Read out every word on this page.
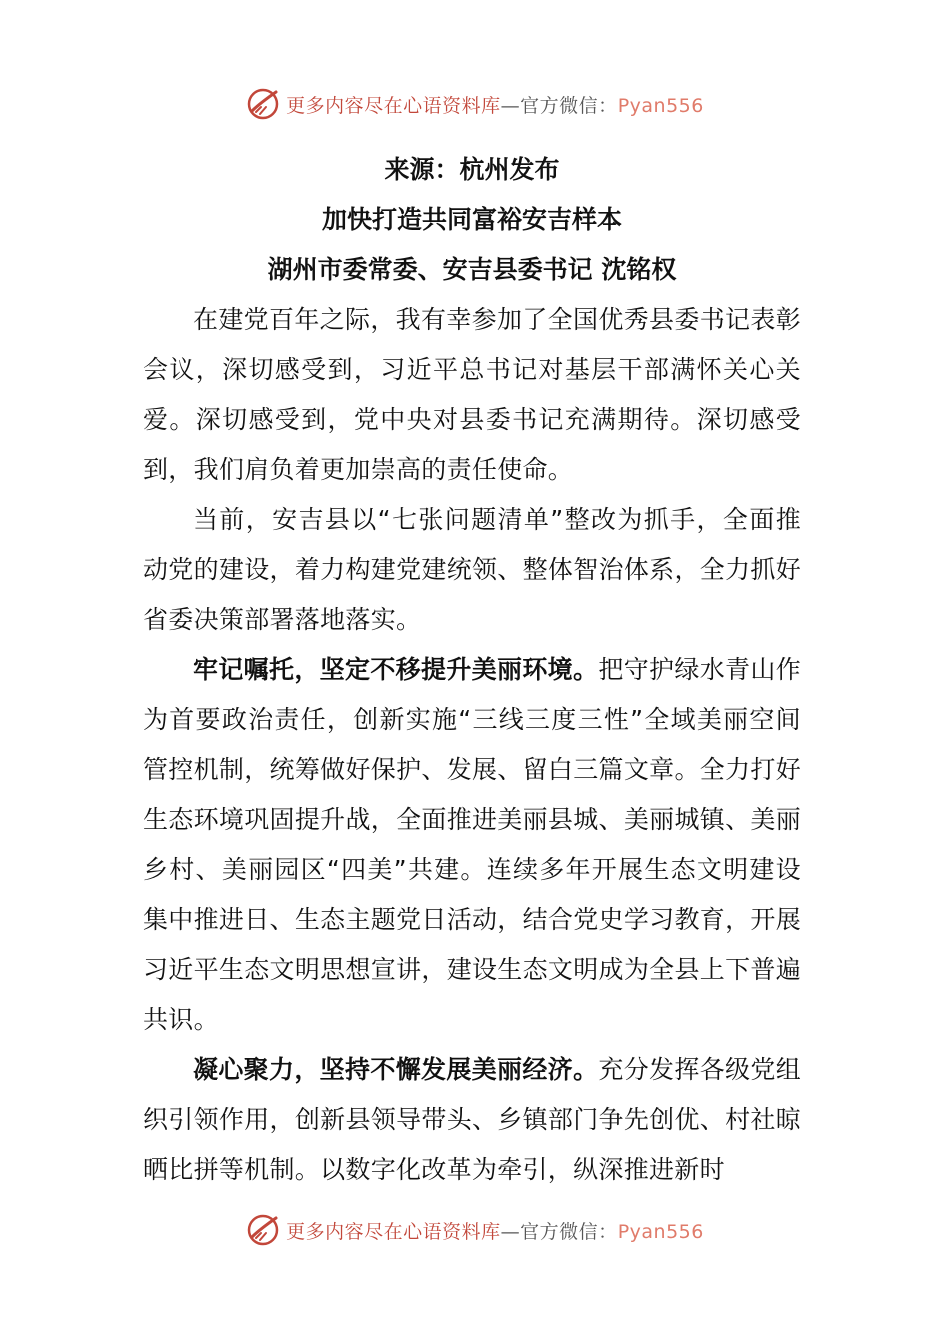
更多内容尽在心语资料库—官方微信：Pyan556
来源：杭州发布
加快打造共同富裕安吉样本
湖州市委常委、安吉县委书记 沈铭权

在建党百年之际，我有幸参加了全国优秀县委书记表彰会议，深切感受到，习近平总书记对基层干部满怀关心关爱。深切感受到，党中央对县委书记充满期待。深切感受到，我们肩负着更加崇高的责任使命。

当前，安吉县以“七张问题清单”整改为抓手，全面推动党的建设，着力构建党建统领、整体智治体系，全力抓好省委决策部署落地落实。

牢记嘱托，坚定不移提升美丽环境。把守护绿水青山作为首要政治责任，创新实施“三线三度三性”全域美丽空间管控机制，统筹做好保护、发展、留白三篇文章。全力打好生态环境巩固提升战，全面推进美丽县城、美丽城镇、美丽乡村、美丽园区“四美”共建。连续多年开展生态文明建设集中推进日、生态主题党日活动，结合党史学习教育，开展习近平生态文明思想宣讲，建设生态文明成为全县上下普遍共识。

凝心聚力，坚持不懈发展美丽经济。充分发挥各级党组织引领作用，创新县领导带头、乡镇部门争先创优、村社晾晒比拼等机制。以数字化改革为牵引，纵深推进新时

更多内容尽在心语资料库—官方微信：Pyan556
